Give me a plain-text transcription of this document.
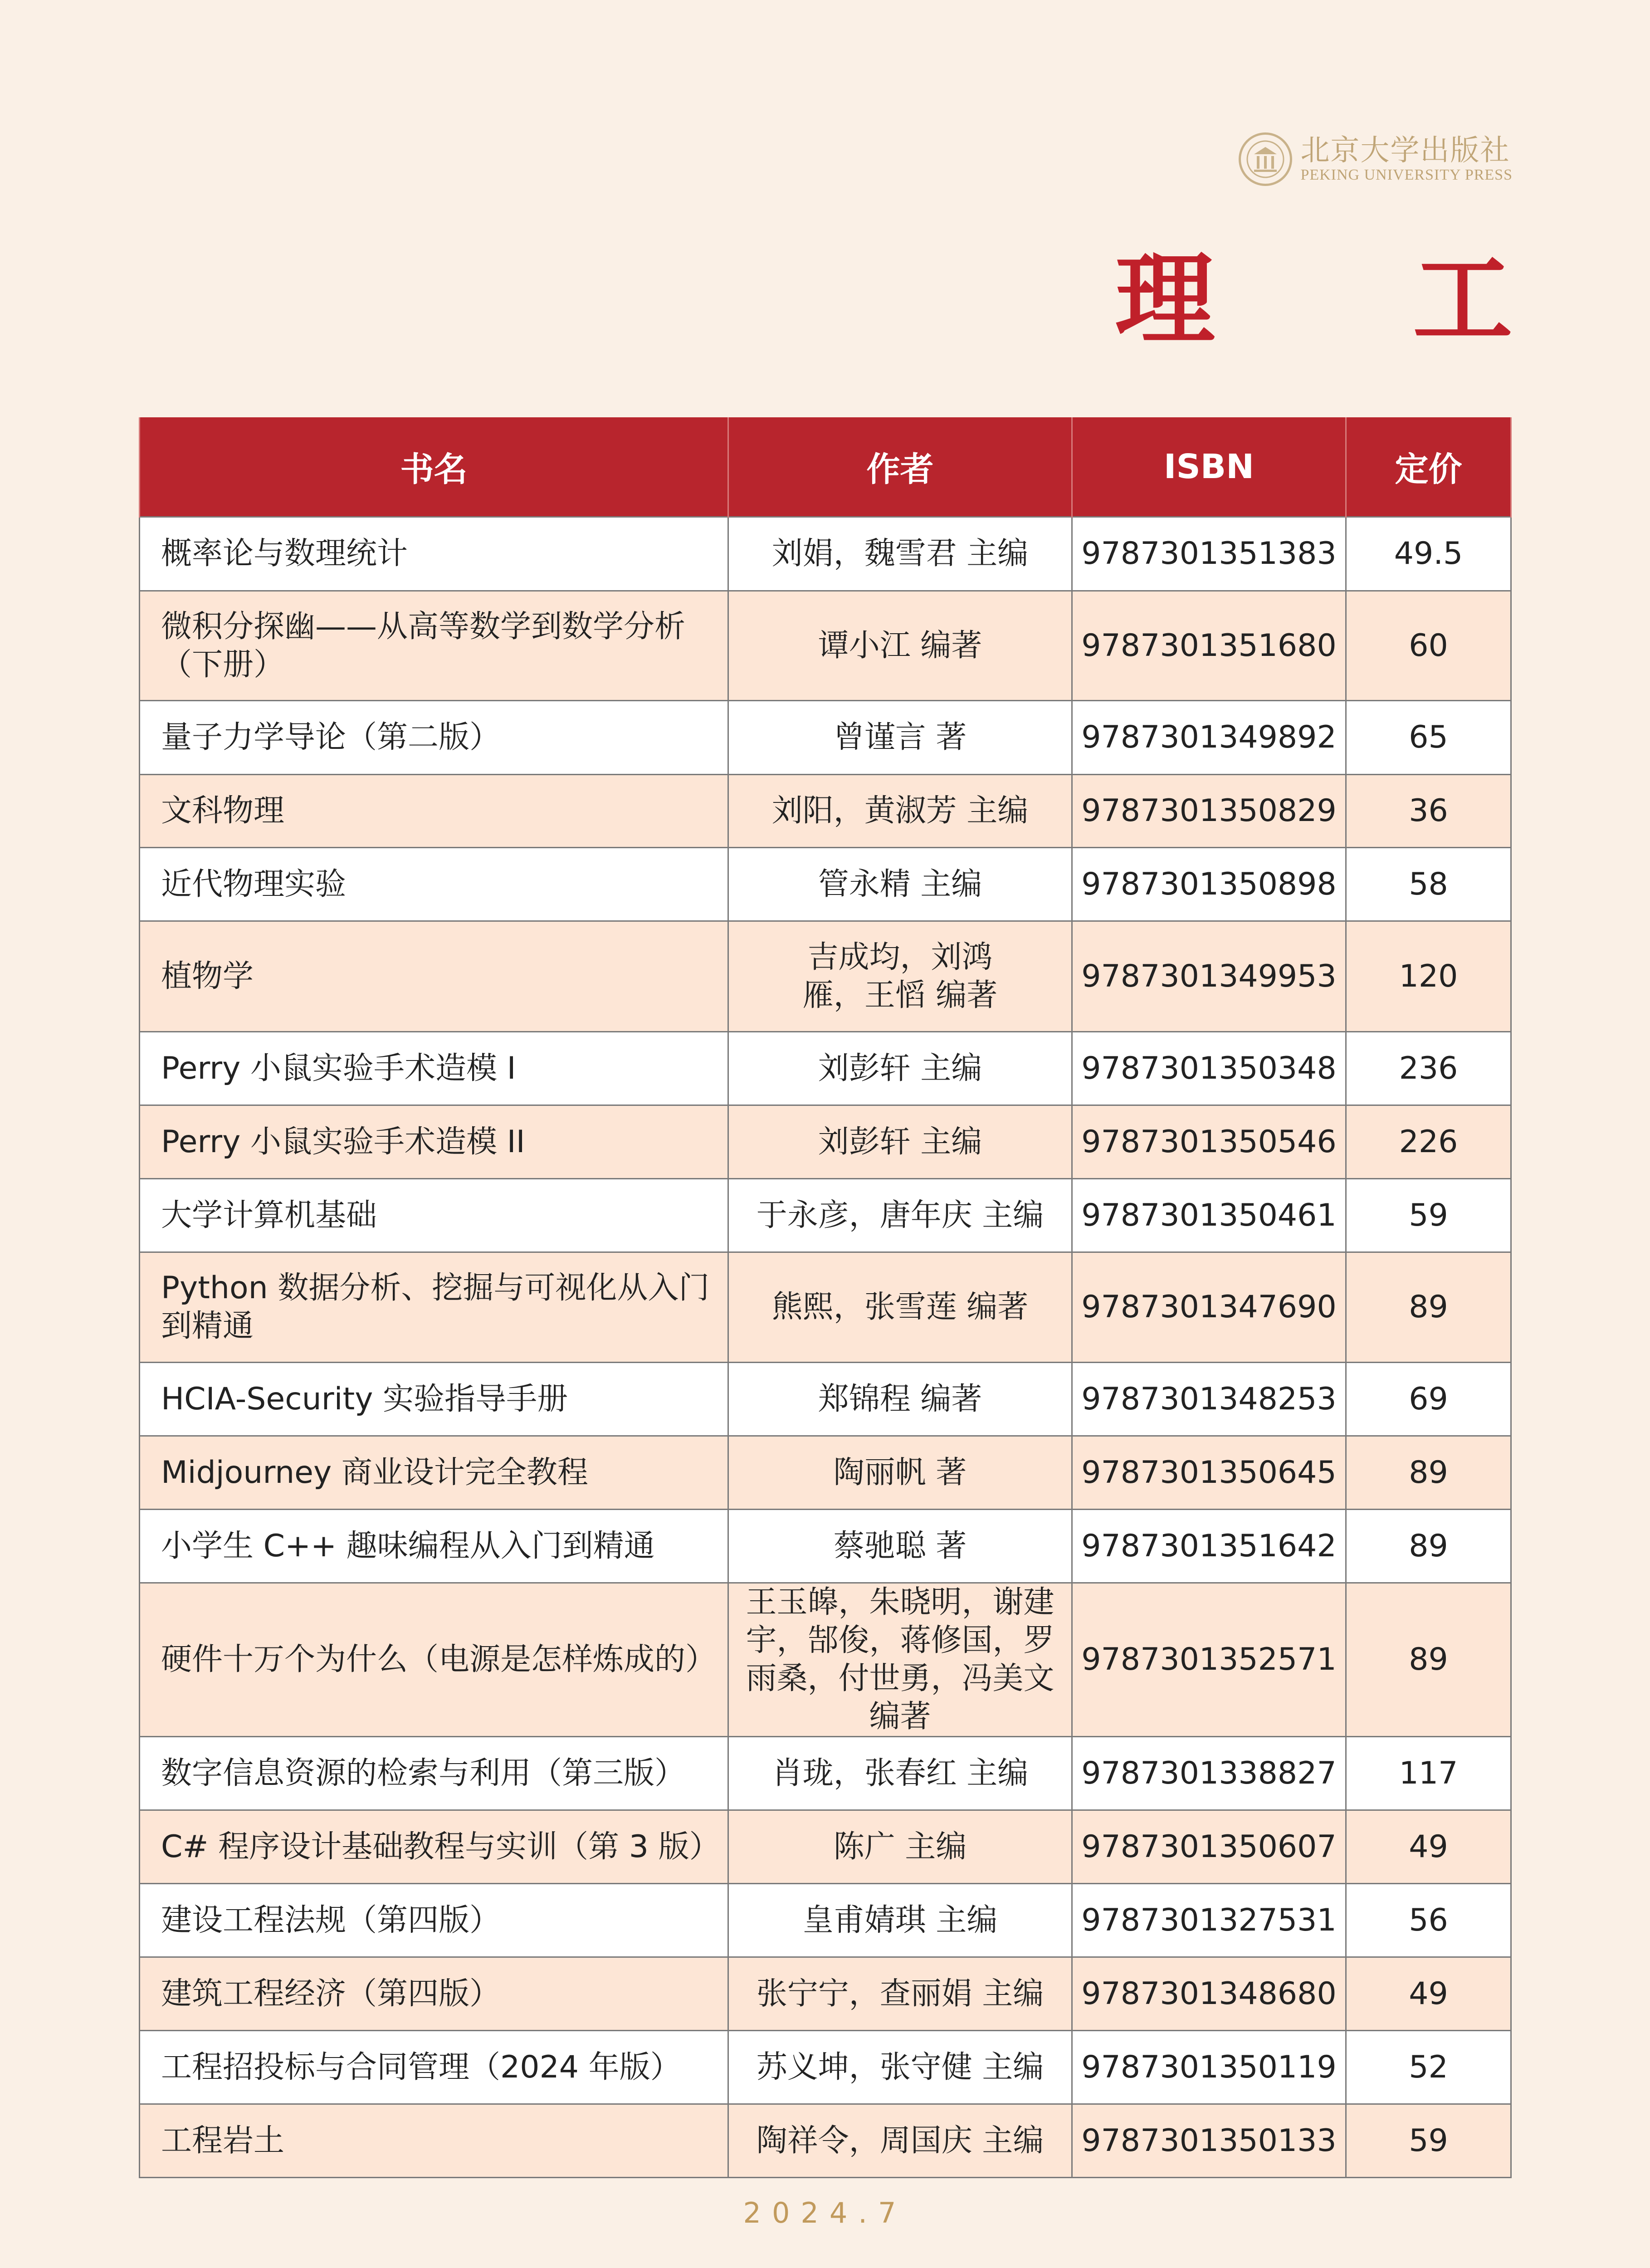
北京大学出版社
PEKING UNIVERSITY PRESS
理 工
书名	作者	ISBN	定价
概率论与数理统计	刘娟，魏雪君 主编	9787301351383	49.5
微积分探幽——从高等数学到数学分析（下册）	谭小江 编著	9787301351680	60
量子力学导论（第二版）	曾谨言 著	9787301349892	65
文科物理	刘阳，黄淑芳 主编	9787301350829	36
近代物理实验	管永精 主编	9787301350898	58
植物学	吉成均，刘鸿雁，王慆 编著	9787301349953	120
Perry 小鼠实验手术造模 I	刘彭轩 主编	9787301350348	236
Perry 小鼠实验手术造模 II	刘彭轩 主编	9787301350546	226
大学计算机基础	于永彦，唐年庆 主编	9787301350461	59
Python 数据分析、挖掘与可视化从入门到精通	熊熙，张雪莲 编著	9787301347690	89
HCIA-Security 实验指导手册	郑锦程 编著	9787301348253	69
Midjourney 商业设计完全教程	陶丽帆 著	9787301350645	89
小学生 C++ 趣味编程从入门到精通	蔡驰聪 著	9787301351642	89
硬件十万个为什么（电源是怎样炼成的）	王玉皞，朱晓明，谢建宇，郜俊，蒋修国，罗雨桑，付世勇，冯美文 编著	9787301352571	89
数字信息资源的检索与利用（第三版）	肖珑，张春红 主编	9787301338827	117
C# 程序设计基础教程与实训（第 3 版）	陈广 主编	9787301350607	49
建设工程法规（第四版）	皇甫婧琪 主编	9787301327531	56
建筑工程经济（第四版）	张宁宁，查丽娟 主编	9787301348680	49
工程招投标与合同管理（2024 年版）	苏义坤，张守健 主编	9787301350119	52
工程岩土	陶祥令，周国庆 主编	9787301350133	59
2024.7
